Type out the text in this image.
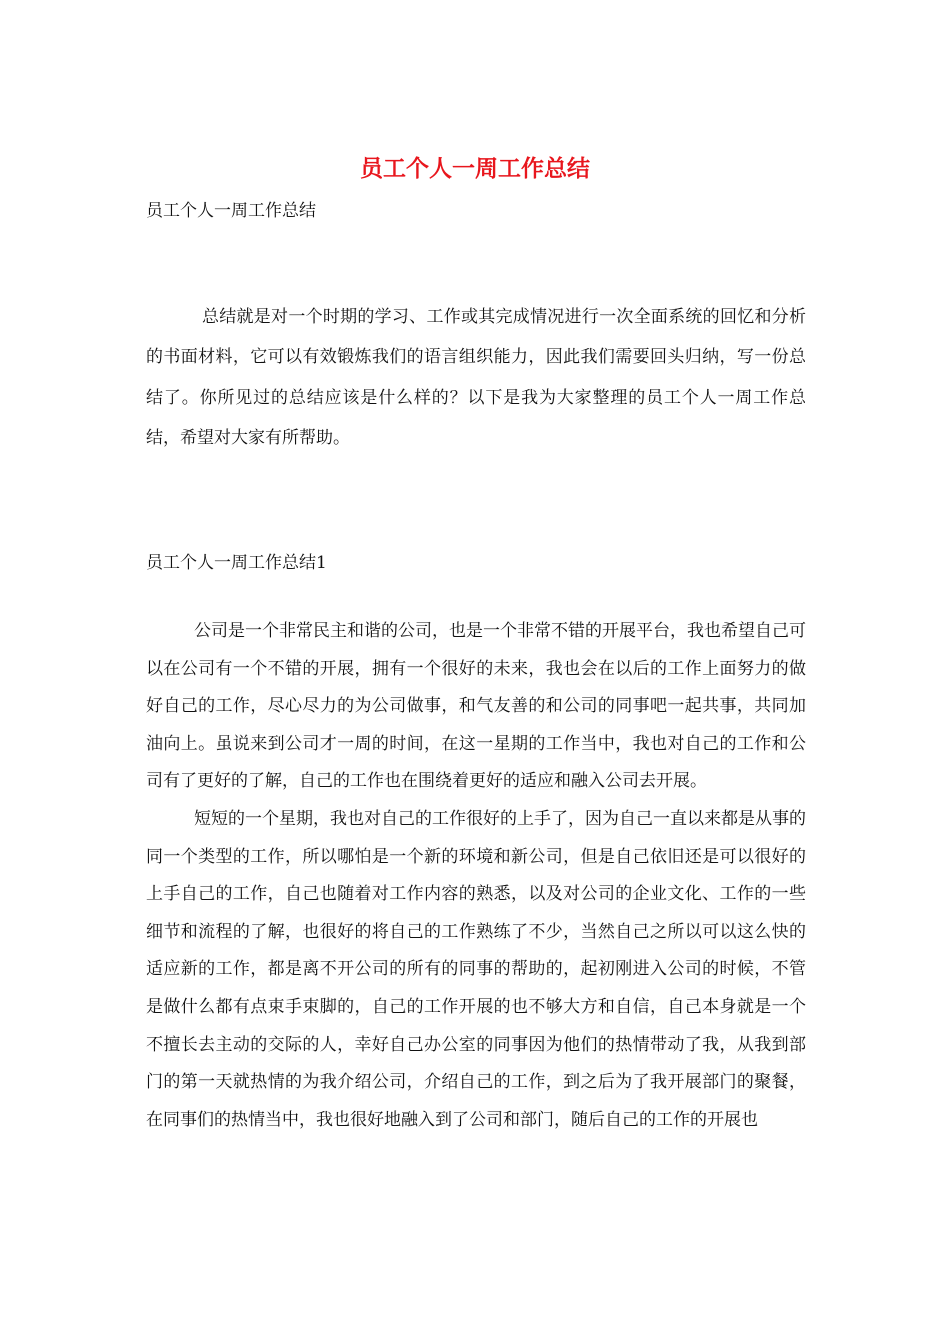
员工个人一周工作总结
员工个人一周工作总结

总结就是对一个时期的学习、工作或其完成情况进行一次全面系统的回忆和分析的书面材料，它可以有效锻炼我们的语言组织能力，因此我们需要回头归纳，写一份总结了。你所见过的总结应该是什么样的？以下是我为大家整理的员工个人一周工作总结，希望对大家有所帮助。

员工个人一周工作总结1

公司是一个非常民主和谐的公司，也是一个非常不错的开展平台，我也希望自己可以在公司有一个不错的开展，拥有一个很好的未来，我也会在以后的工作上面努力的做好自己的工作，尽心尽力的为公司做事，和气友善的和公司的同事吧一起共事，共同加油向上。虽说来到公司才一周的时间，在这一星期的工作当中，我也对自己的工作和公司有了更好的了解，自己的工作也在围绕着更好的适应和融入公司去开展。

短短的一个星期，我也对自己的工作很好的上手了，因为自己一直以来都是从事的同一个类型的工作，所以哪怕是一个新的环境和新公司，但是自己依旧还是可以很好的上手自己的工作，自己也随着对工作内容的熟悉，以及对公司的企业文化、工作的一些细节和流程的了解，也很好的将自己的工作熟练了不少，当然自己之所以可以这么快的适应新的工作，都是离不开公司的所有的同事的帮助的，起初刚进入公司的时候，不管是做什么都有点束手束脚的，自己的工作开展的也不够大方和自信，自己本身就是一个不擅长去主动的交际的人，幸好自己办公室的同事因为他们的热情带动了我，从我到部门的第一天就热情的为我介绍公司，介绍自己的工作，到之后为了我开展部门的聚餐，在同事们的热情当中，我也很好地融入到了公司和部门，随后自己的工作的开展也
